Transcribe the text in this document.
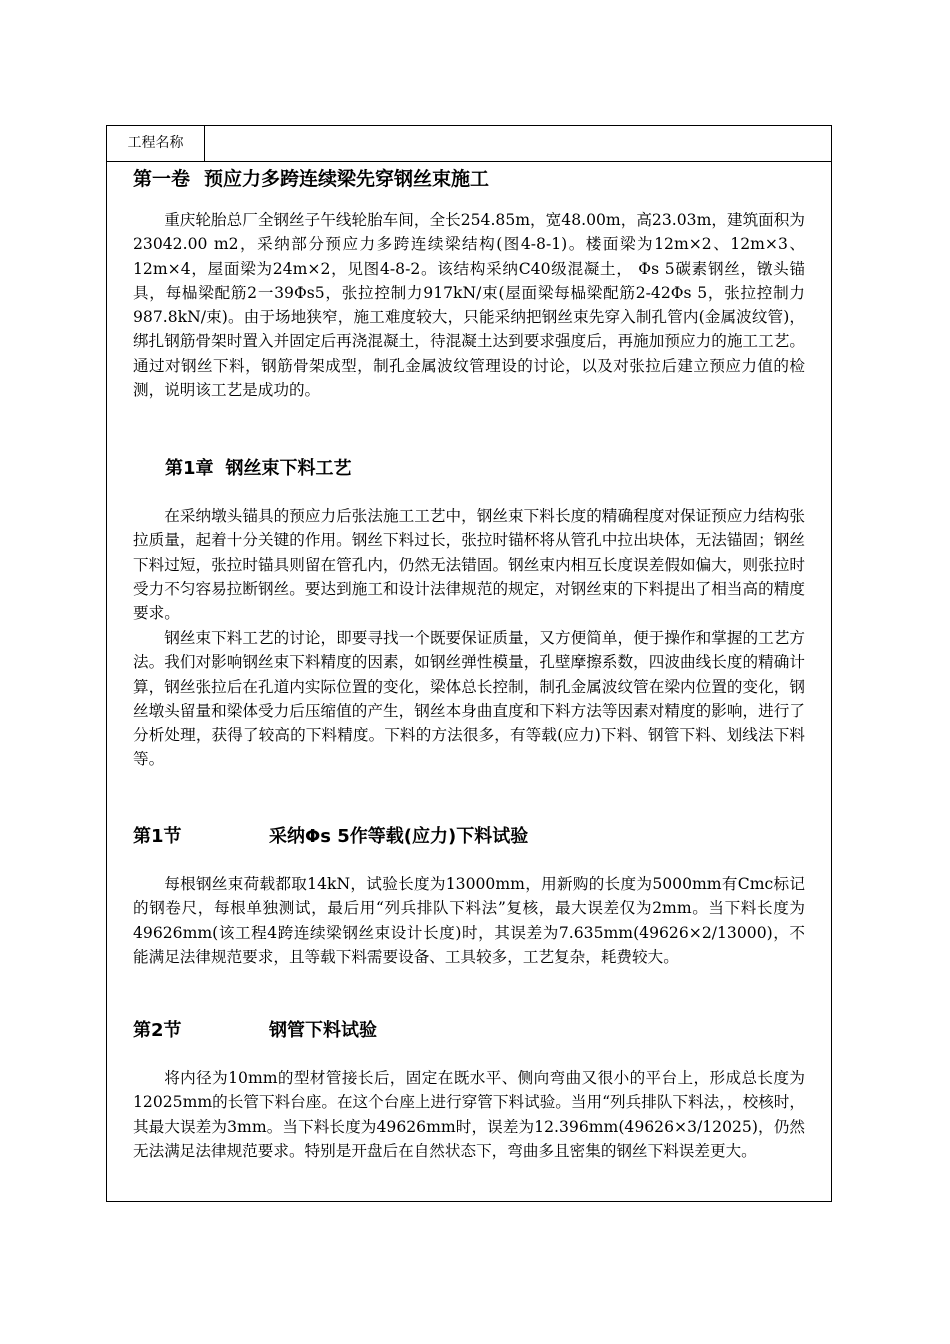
工程名称
第一卷 预应力多跨连续梁先穿钢丝束施工

重庆轮胎总厂全钢丝子午线轮胎车间，全长254.85m，宽48.00m，高23.03m，建筑面积为23042.00 m2，采纳部分预应力多跨连续梁结构(图4-8-1)。楼面梁为12m×2、12m×3、12m×4，屋面梁为24m×2，见图4-8-2。该结构采纳C40级混凝土， Φs 5碳素钢丝，镦头锚具，每榀梁配筋2一39Φs5，张拉控制力917kN/束(屋面梁每榀梁配筋2-42Φs 5，张拉控制力987.8kN/束)。由于场地狭窄，施工难度较大，只能采纳把钢丝束先穿入制孔管内(金属波纹管)，绑扎钢筋骨架时置入并固定后再浇混凝土，待混凝土达到要求强度后，再施加预应力的施工工艺。通过对钢丝下料，钢筋骨架成型，制孔金属波纹管理设的讨论，以及对张拉后建立预应力值的检测，说明该工艺是成功的。

第1章 钢丝束下料工艺

在采纳墩头锚具的预应力后张法施工工艺中，钢丝束下料长度的精确程度对保证预应力结构张拉质量，起着十分关键的作用。钢丝下料过长，张拉时锚杯将从管孔中拉出块体，无法锚固；钢丝下料过短，张拉时锚具则留在管孔内，仍然无法错固。钢丝束内相互长度误差假如偏大，则张拉时受力不匀容易拉断钢丝。要达到施工和设计法律规范的规定，对钢丝束的下料提出了相当高的精度要求。

钢丝束下料工艺的讨论，即要寻找一个既要保证质量，又方便简单，便于操作和掌握的工艺方法。我们对影响钢丝束下料精度的因素，如钢丝弹性模量，孔壁摩擦系数，四波曲线长度的精确计算，钢丝张拉后在孔道内实际位置的变化，梁体总长控制，制孔金属波纹管在梁内位置的变化，钢丝墩头留量和梁体受力后压缩值的产生，钢丝本身曲直度和下料方法等因素对精度的影响，进行了分析处理，获得了较高的下料精度。下料的方法很多，有等载(应力)下料、钢管下料、划线法下料等。

第1节	采纳Φs 5作等载(应力)下料试验

每根钢丝束荷载都取14kN，试验长度为13000mm，用新购的长度为5000mm有Cmc标记的钢卷尺，每根单独测试，最后用“列兵排队下料法”复核，最大误差仅为2mm。当下料长度为49626mm(该工程4跨连续梁钢丝束设计长度)时，其误差为7.635mm(49626×2/13000)，不能满足法律规范要求，且等载下料需要设备、工具较多，工艺复杂，耗费较大。

第2节	钢管下料试验

将内径为10mm的型材管接长后，固定在既水平、侧向弯曲又很小的平台上，形成总长度为12025mm的长管下料台座。在这个台座上进行穿管下料试验。当用“列兵排队下料法，，校核时，其最大误差为3mm。当下料长度为49626mm时，误差为12.396mm(49626×3/12025)，仍然无法满足法律规范要求。特别是开盘后在自然状态下，弯曲多且密集的钢丝下料误差更大。
